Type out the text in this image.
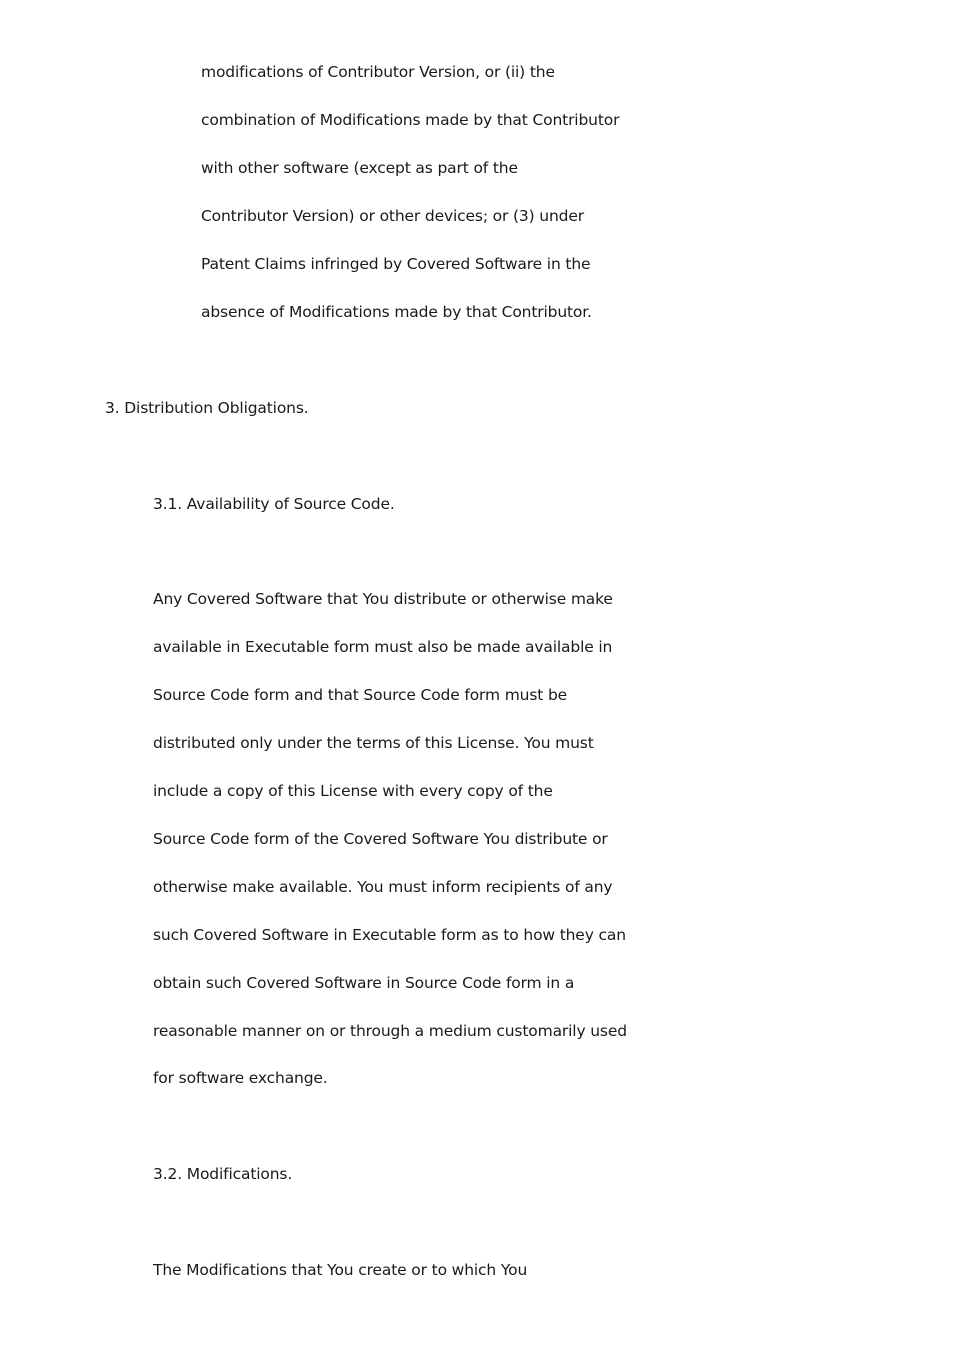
modifications of Contributor Version, or (ii) the
combination of Modifications made by that Contributor
with other software (except as part of the
Contributor Version) or other devices; or (3) under
Patent Claims infringed by Covered Software in the
absence of Modifications made by that Contributor.
3. Distribution Obligations.
3.1. Availability of Source Code.
Any Covered Software that You distribute or otherwise make
available in Executable form must also be made available in
Source Code form and that Source Code form must be
distributed only under the terms of this License. You must
include a copy of this License with every copy of the
Source Code form of the Covered Software You distribute or
otherwise make available. You must inform recipients of any
such Covered Software in Executable form as to how they can
obtain such Covered Software in Source Code form in a
reasonable manner on or through a medium customarily used
for software exchange.
3.2. Modifications.
The Modifications that You create or to which You
